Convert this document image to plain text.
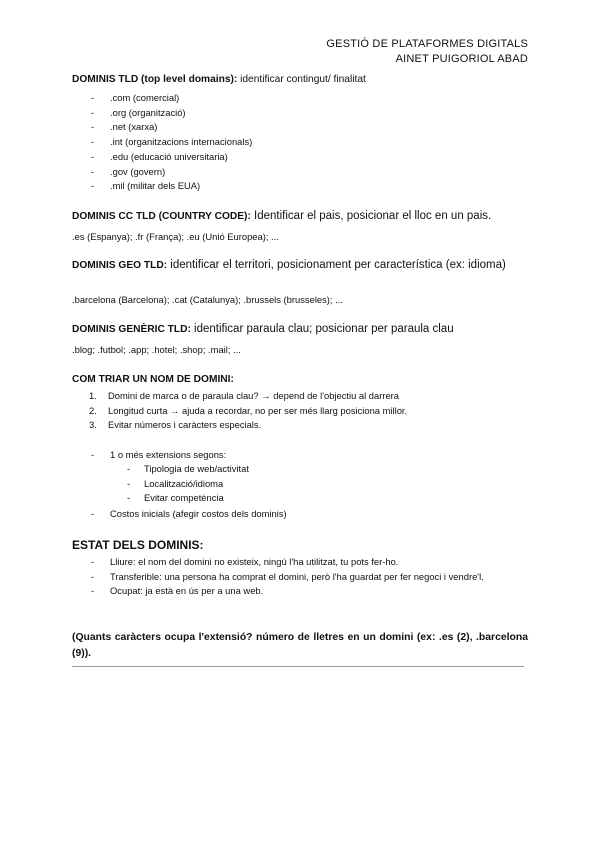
GESTIÓ DE PLATAFORMES DIGITALS
AINET PUIGORIOL ABAD
DOMINIS TLD (top level domains): identificar contingut/ finalitat
- .com (comercial)
- .org (organització)
- .net (xarxa)
- .int (organitzacions internacionals)
- .edu (educació universitaria)
- .gov (govern)
- .mil (militar dels EUA)
DOMINIS CC TLD (COUNTRY CODE): Identificar el pais, posicionar el lloc en un pais.
.es (Espanya); .fr (França); .eu (Unió Europea); ...
DOMINIS GEO TLD: identificar el territori, posicionament per característica (ex: idioma)
.barcelona (Barcelona); .cat (Catalunya); .brussels (brusseles); ...
DOMINIS GENÈRIC TLD: identificar paraula clau; posicionar per paraula clau
.blog; .futbol; .app; .hotel; .shop; .mail; ...
COM TRIAR UN NOM DE DOMINI:
1. Domini de marca o de paraula clau? → depend de l'objectiu al darrera
2. Longitud curta → ajuda a recordar, no per ser més llarg posiciona millor.
3. Evitar números i caràcters especials.
- 1 o més extensions segons:
- Tipologia de web/activitat
- Localització/idioma
- Evitar competència
- Costos inicials (afegir costos dels dominis)
ESTAT DELS DOMINIS:
- Lliure: el nom del domini no existeix, ningú l'ha utilitzat, tu pots fer-ho.
- Transferible: una persona ha comprat el domini, però l'ha guardat per fer negoci i vendre'l.
- Ocupat: ja està en ús per a una web.
(Quants caràcters ocupa l'extensió? número de lletres en un domini (ex: .es (2), .barcelona (9)).
